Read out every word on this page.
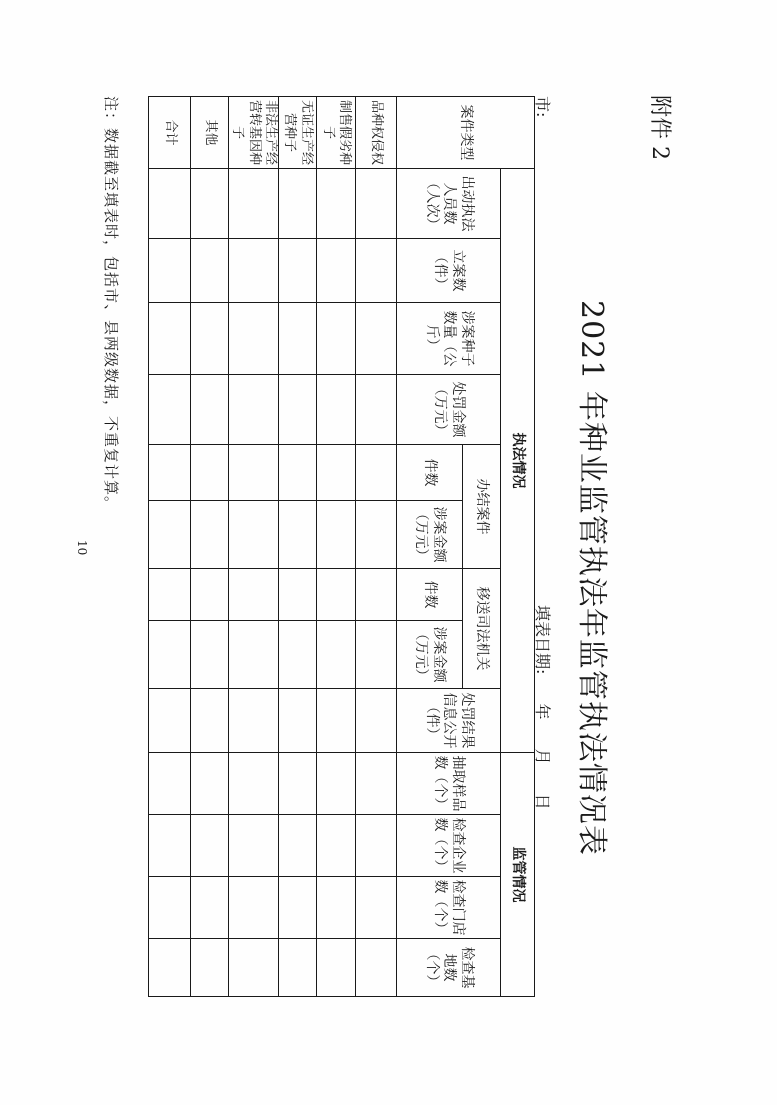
附件 2
2021 年种业监管执法年监管执法情况表
市:
填表日期: 年 月 日
案件类型	执法情况									监管情况			
	出动执法人员数（人次）	立案数（件）	涉案种子数量（公斤）	处罚金额（万元）	办结案件		移送司法机关		处罚结果信息公开（件）	抽取样品数（个）	检查企业数（个）	检查门店数（个）	检查基地数（个）
					件数	涉案金额（万元）	件数	涉案金额（万元）					
品种权侵权													
制售假劣种子													
无证生产经营种子													
非法生产经营转基因种子													
其他													
合计													
注：数据截至填表时，包括市、县两级数据，不重复计算。
10
